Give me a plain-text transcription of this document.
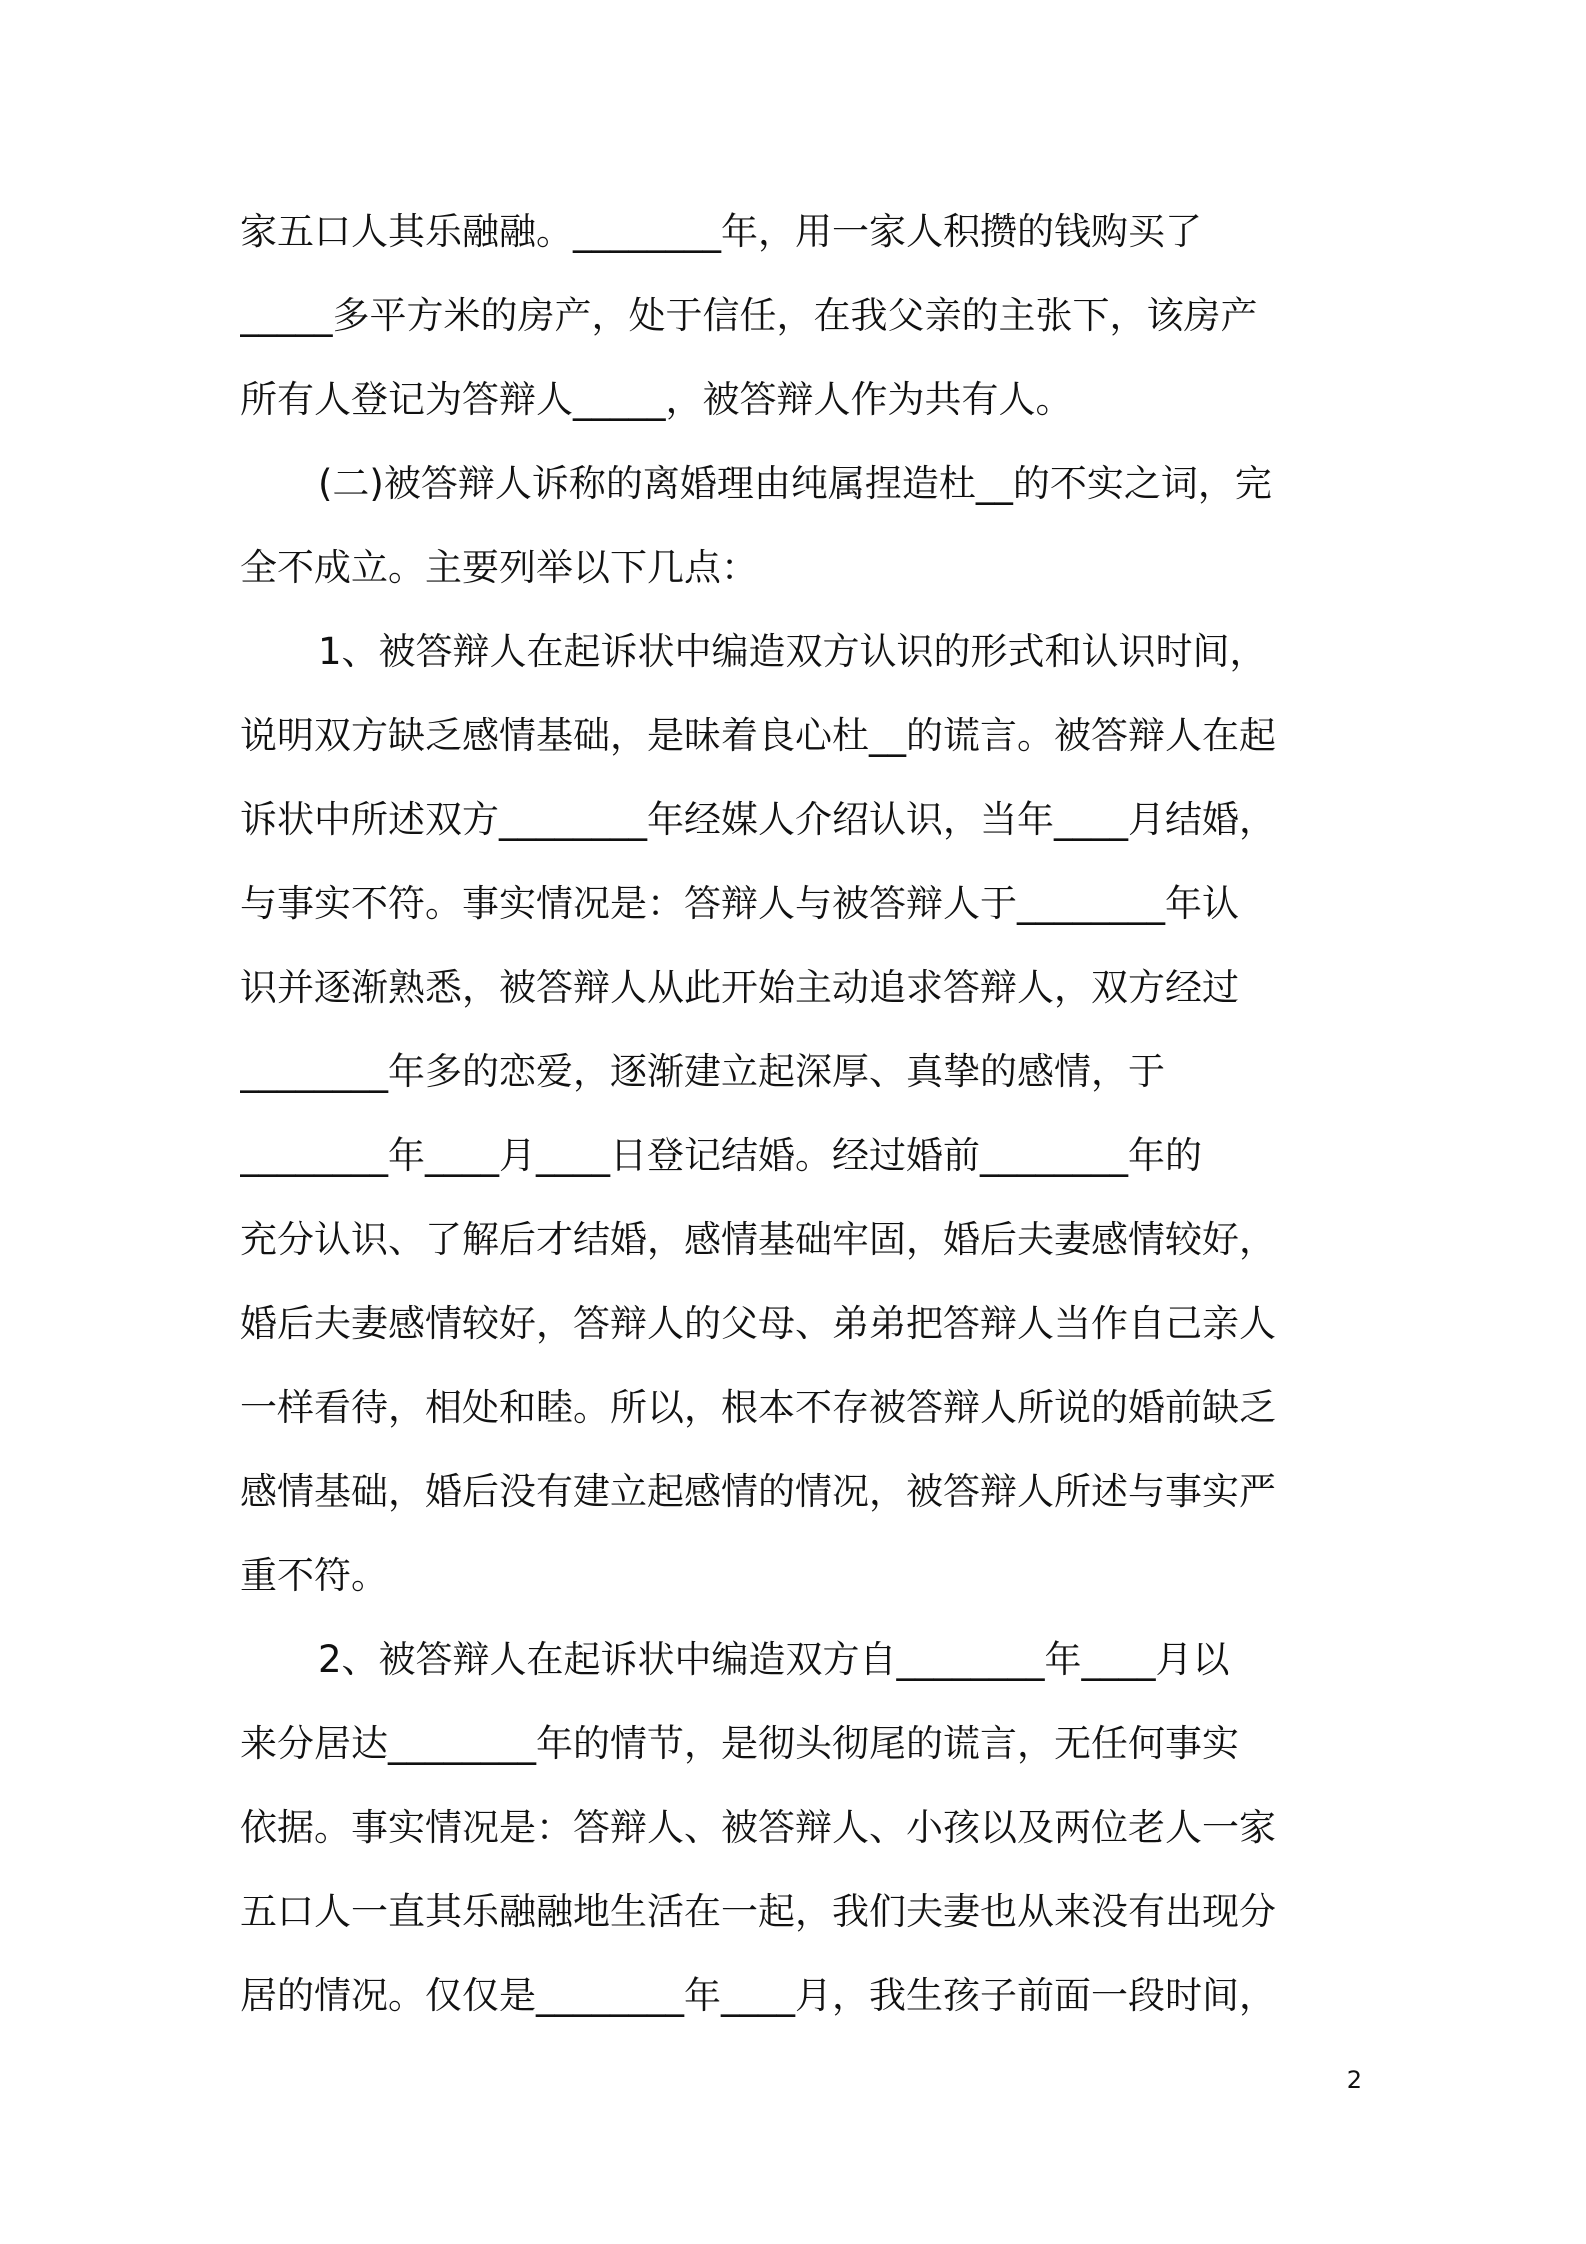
家五口人其乐融融。________年，用一家人积攒的钱购买了
_____多平方米的房产，处于信任，在我父亲的主张下，该房产
所有人登记为答辩人_____，被答辩人作为共有人。
(二)被答辩人诉称的离婚理由纯属捏造杜__的不实之词，完
全不成立。主要列举以下几点：
1、被答辩人在起诉状中编造双方认识的形式和认识时间，
说明双方缺乏感情基础，是昧着良心杜__的谎言。被答辩人在起
诉状中所述双方________年经媒人介绍认识，当年____月结婚，
与事实不符。事实情况是：答辩人与被答辩人于________年认
识并逐渐熟悉，被答辩人从此开始主动追求答辩人，双方经过
________年多的恋爱，逐渐建立起深厚、真挚的感情，于
________年____月____日登记结婚。经过婚前________年的
充分认识、了解后才结婚，感情基础牢固，婚后夫妻感情较好，
婚后夫妻感情较好，答辩人的父母、弟弟把答辩人当作自己亲人
一样看待，相处和睦。所以，根本不存被答辩人所说的婚前缺乏
感情基础，婚后没有建立起感情的情况，被答辩人所述与事实严
重不符。
2、被答辩人在起诉状中编造双方自________年____月以
来分居达________年的情节，是彻头彻尾的谎言，无任何事实
依据。事实情况是：答辩人、被答辩人、小孩以及两位老人一家
五口人一直其乐融融地生活在一起，我们夫妻也从来没有出现分
居的情况。仅仅是________年____月，我生孩子前面一段时间，
2
